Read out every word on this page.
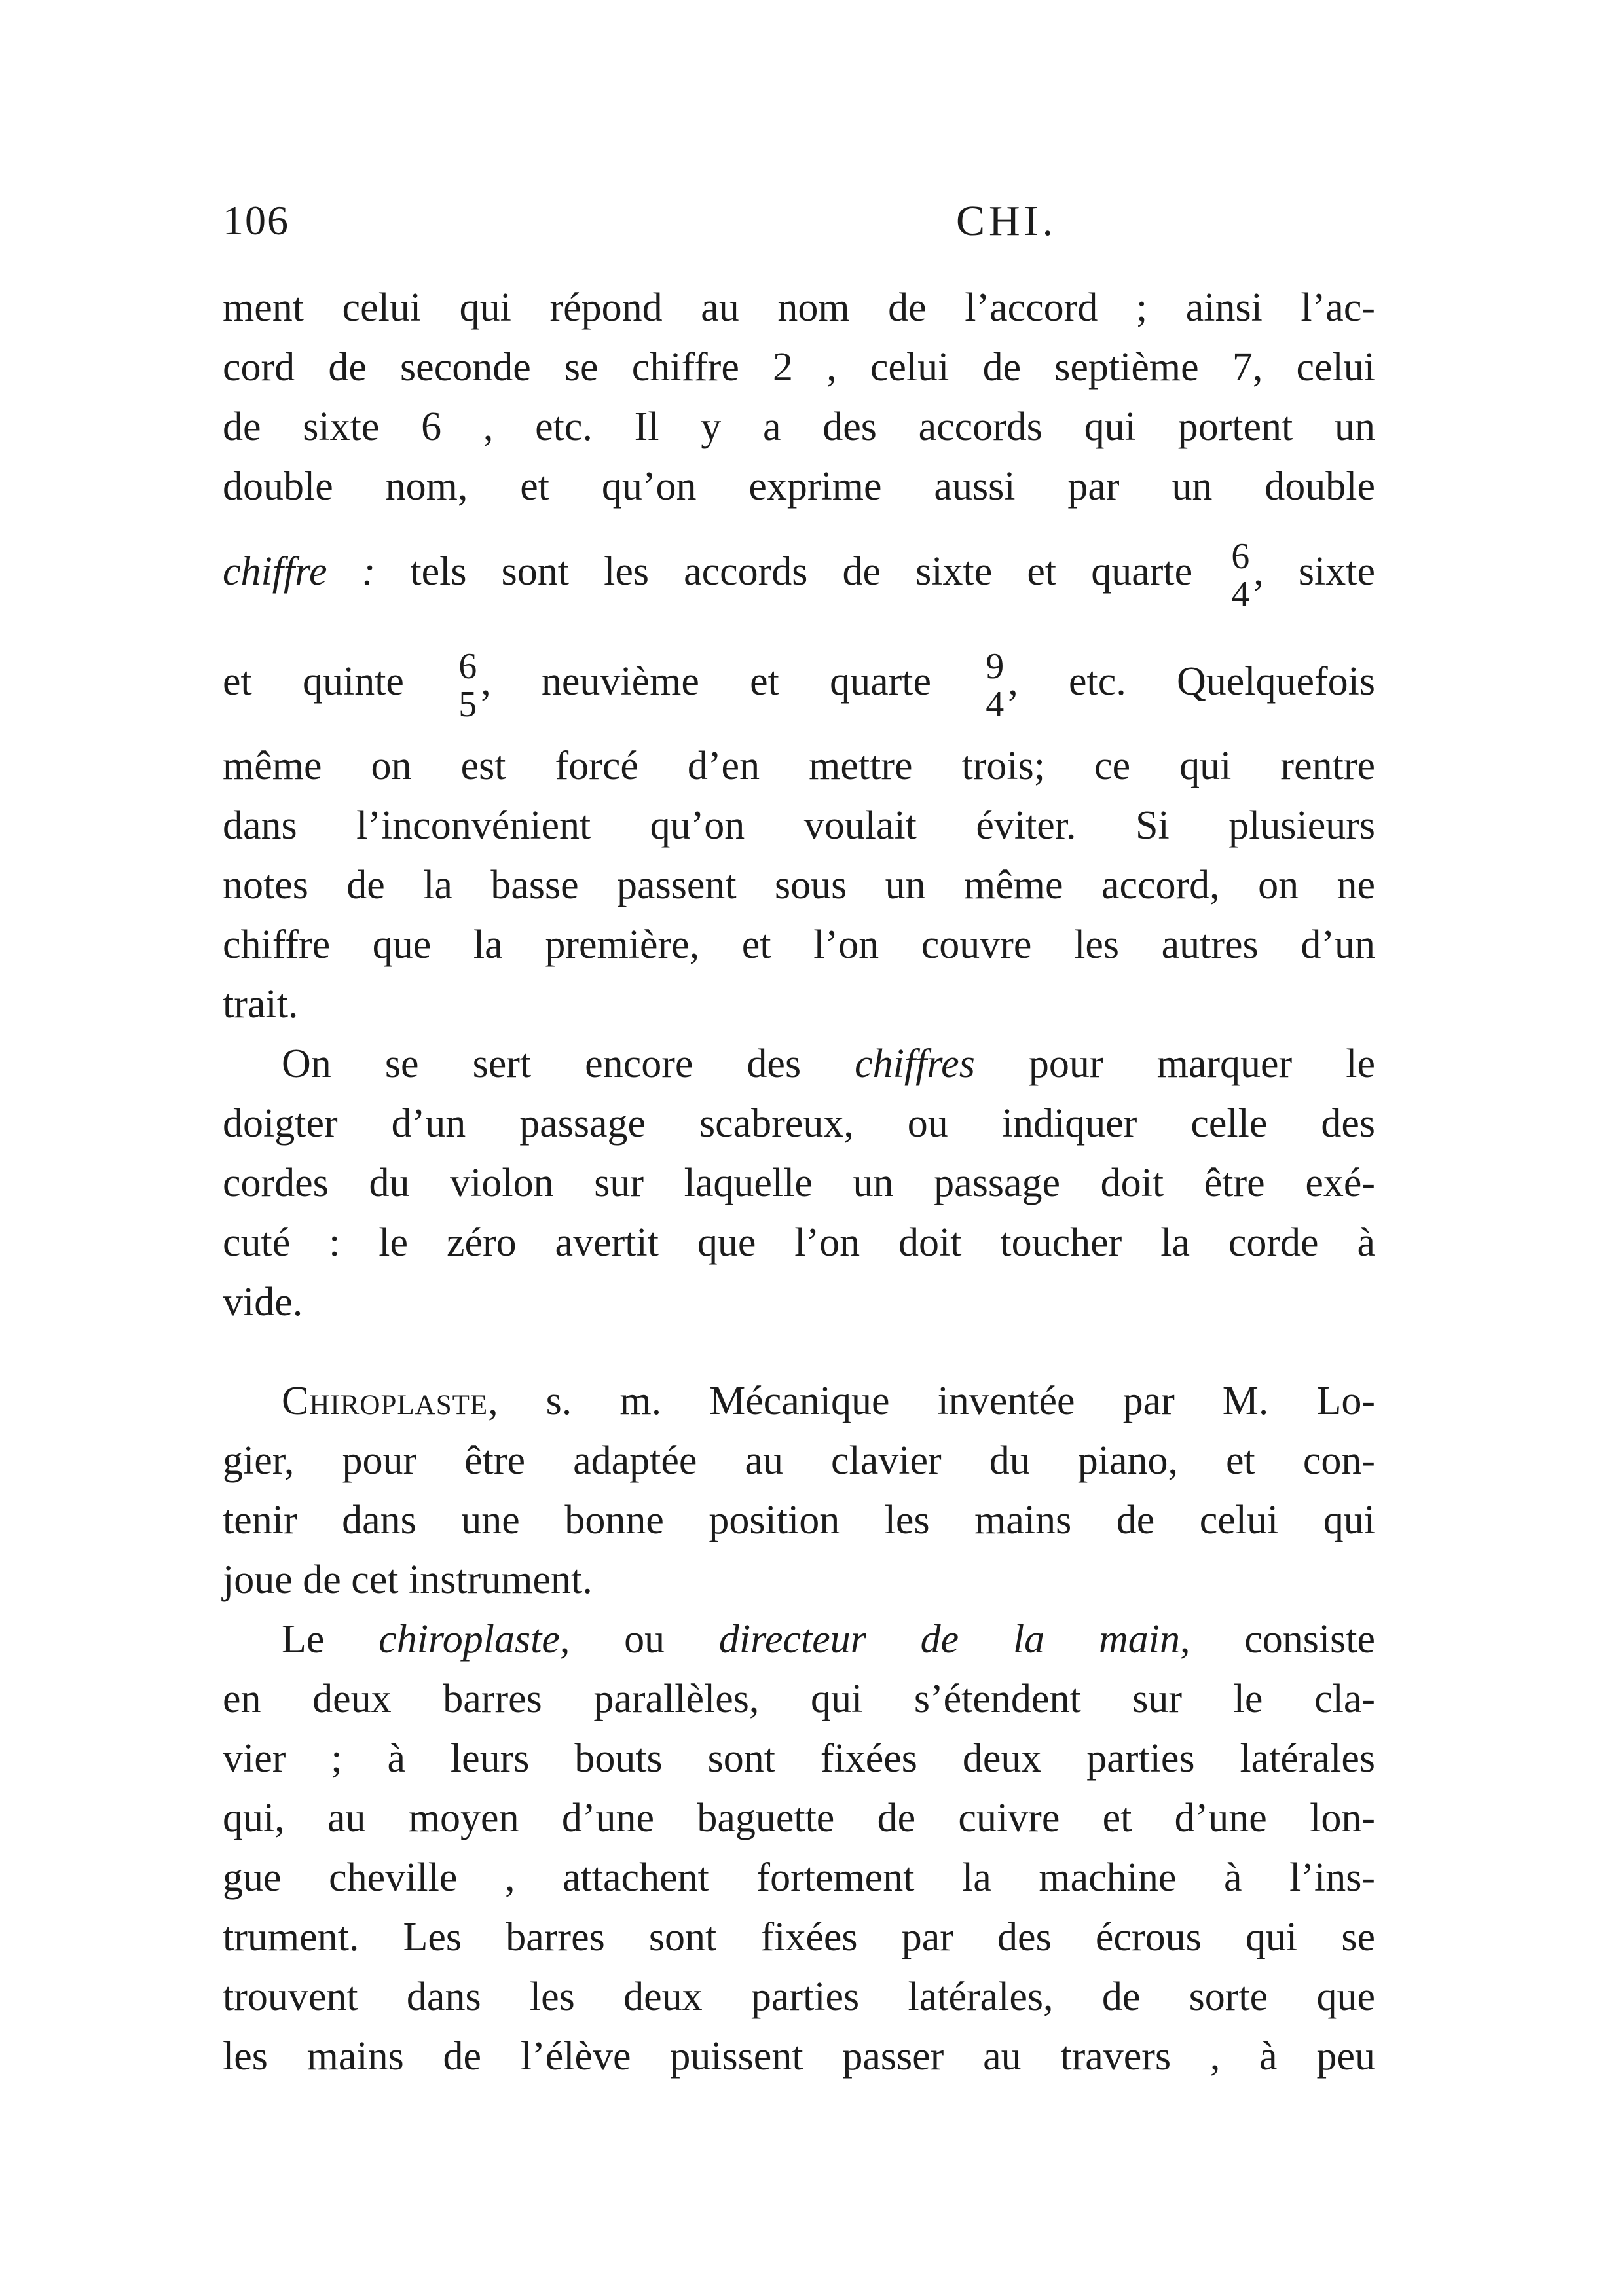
106	CHI.
ment celui qui répond au nom de l’accord ; ainsi l’ac-
cord de seconde se chiffre 2 , celui de septième 7, celui
de sixte 6 , etc. Il y a des accords qui portent un
double nom, et qu’on exprime aussi par un double
chiffre : tels sont les accords de sixte et quarte 6
4
, sixte
et quinte 6
5
, neuvième et quarte 9
4
, etc. Quelquefois
même on est forcé d’en mettre trois; ce qui rentre
dans l’inconvénient qu’on voulait éviter. Si plusieurs
notes de la basse passent sous un même accord, on ne
chiffre que la première, et l’on couvre les autres d’un
trait.
On se sert encore des chiffres pour marquer le
doigter d’un passage scabreux, ou indiquer celle des
cordes du violon sur laquelle un passage doit être exé-
cuté : le zéro avertit que l’on doit toucher la corde à
vide.
Chiroplaste, s. m. Mécanique inventée par M. Lo-
gier, pour être adaptée au clavier du piano, et con-
tenir dans une bonne position les mains de celui qui
joue de cet instrument.
Le chiroplaste, ou directeur de la main, consiste
en deux barres parallèles, qui s’étendent sur le cla-
vier ; à leurs bouts sont fixées deux parties latérales
qui, au moyen d’une baguette de cuivre et d’une lon-
gue cheville , attachent fortement la machine à l’ins-
trument. Les barres sont fixées par des écrous qui se
trouvent dans les deux parties latérales, de sorte que
les mains de l’élève puissent passer au travers , à peu
